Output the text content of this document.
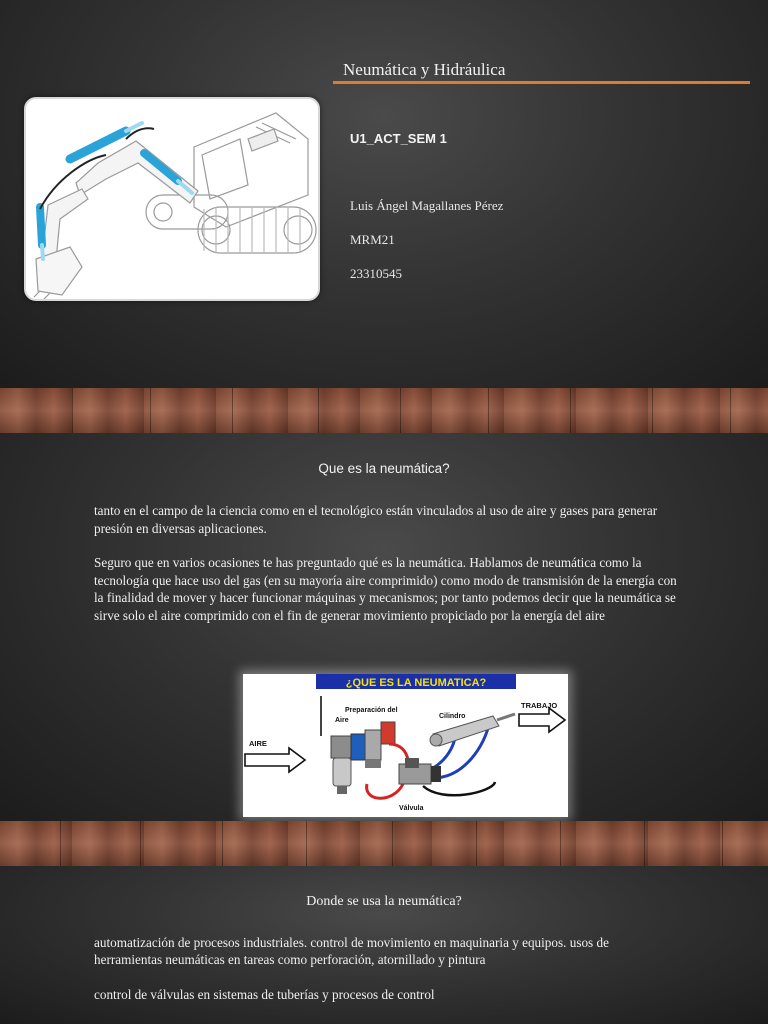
Neumática y Hidráulica
U1_ACT_SEM 1
Luis Ángel Magallanes Pérez
MRM21
23310545
Que es la neumática?
tanto en el campo de la ciencia como en el tecnológico están vinculados al uso de aire y gases para generar presión en diversas aplicaciones.
Seguro que en varios ocasiones te has preguntado qué es la neumática. Hablamos de neumática como la tecnología que hace uso del gas (en su mayoría aire comprimido) como modo de transmisión de la energía con la finalidad de mover y hacer funcionar máquinas y mecanismos; por tanto podemos decir que la neumática se sirve solo el aire comprimido con el fin de generar movimiento propiciado por la energía del aire
¿QUE ES LA NEUMATICA?
AIRE
Preparación del
Aire
Válvula
Cilindro
TRABAJO
Donde se usa la neumática?
automatización de procesos industriales. control de movimiento en maquinaria y equipos. usos de herramientas neumáticas en tareas como perforación, atornillado y pintura
control de válvulas en sistemas de tuberías y procesos de control
